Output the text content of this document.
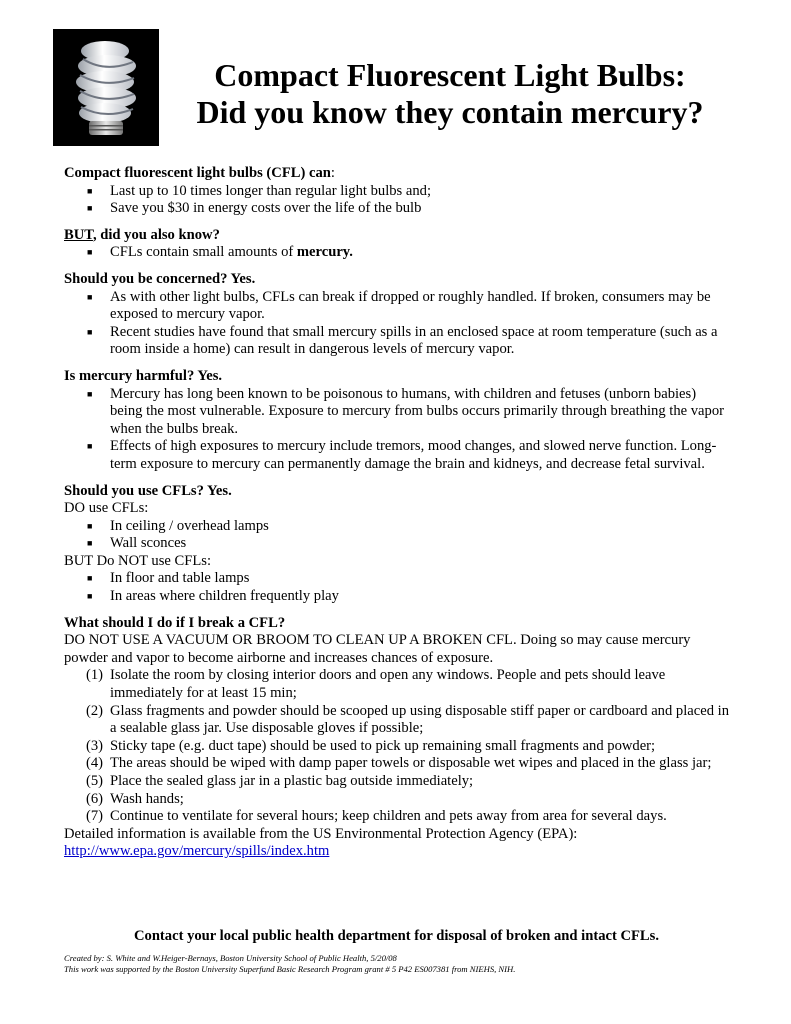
Compact Fluorescent Light Bulbs:
Did you know they contain mercury?

Compact fluorescent light bulbs (CFL) can:

■ Last up to 10 times longer than regular light bulbs and;
■ Save you $30 in energy costs over the life of the bulb

BUT, did you also know?

■ CFLs contain small amounts of mercury.

Should you be concerned? Yes.

■ As with other light bulbs, CFLs can break if dropped or roughly handled. If broken, consumers may be exposed to mercury vapor.
■ Recent studies have found that small mercury spills in an enclosed space at room temperature (such as a room inside a home) can result in dangerous levels of mercury vapor.

Is mercury harmful? Yes.

■ Mercury has long been known to be poisonous to humans, with children and fetuses (unborn babies) being the most vulnerable. Exposure to mercury from bulbs occurs primarily through breathing the vapor when the bulbs break.
■ Effects of high exposures to mercury include tremors, mood changes, and slowed nerve function. Long-term exposure to mercury can permanently damage the brain and kidneys, and decrease fetal survival.

Should you use CFLs? Yes.

DO use CFLs:

■ In ceiling / overhead lamps
■ Wall sconces

BUT Do NOT use CFLs:

■ In floor and table lamps
■ In areas where children frequently play

What should I do if I break a CFL?

DO NOT USE A VACUUM OR BROOM TO CLEAN UP A BROKEN CFL. Doing so may cause mercury powder and vapor to become airborne and increases chances of exposure.

(1) Isolate the room by closing interior doors and open any windows. People and pets should leave immediately for at least 15 min;
(2) Glass fragments and powder should be scooped up using disposable stiff paper or cardboard and placed in a sealable glass jar. Use disposable gloves if possible;
(3) Sticky tape (e.g. duct tape) should be used to pick up remaining small fragments and powder;
(4) The areas should be wiped with damp paper towels or disposable wet wipes and placed in the glass jar;
(5) Place the sealed glass jar in a plastic bag outside immediately;
(6) Wash hands;
(7) Continue to ventilate for several hours; keep children and pets away from area for several days.

Detailed information is available from the US Environmental Protection Agency (EPA):

http://www.epa.gov/mercury/spills/index.htm

Contact your local public health department for disposal of broken and intact CFLs.
Created by: S. White and W.Heiger-Bernays, Boston University School of Public Health, 5/20/08
This work was supported by the Boston University Superfund Basic Research Program grant # 5 P42 ES007381 from NIEHS, NIH.
